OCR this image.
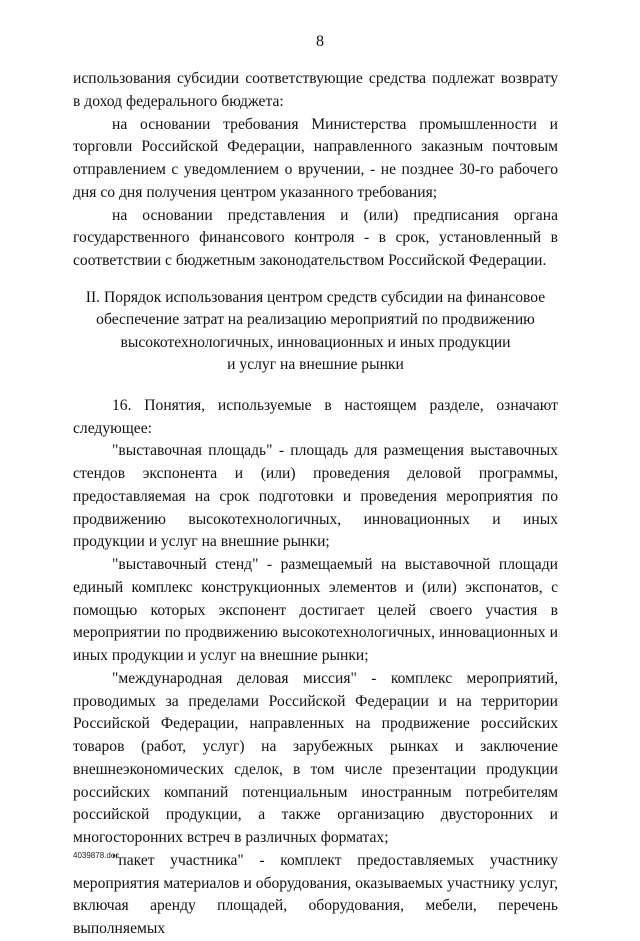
8

использования субсидии соответствующие средства подлежат возврату в доход федерального бюджета:

на основании требования Министерства промышленности и торговли Российской Федерации, направленного заказным почтовым отправлением с уведомлением о вручении, - не позднее 30-го рабочего дня со дня получения центром указанного требования;

на основании представления и (или) предписания органа государственного финансового контроля - в срок, установленный в соответствии с бюджетным законодательством Российской Федерации.

II. Порядок использования центром средств субсидии на финансовое
обеспечение затрат на реализацию мероприятий по продвижению
высокотехнологичных, инновационных и иных продукции
и услуг на внешние рынки

16. Понятия, используемые в настоящем разделе, означают следующее:

"выставочная площадь" - площадь для размещения выставочных стендов экспонента и (или) проведения деловой программы, предоставляемая на срок подготовки и проведения мероприятия по продвижению высокотехнологичных, инновационных и иных продукции и услуг на внешние рынки;

"выставочный стенд" - размещаемый на выставочной площади единый комплекс конструкционных элементов и (или) экспонатов, с помощью которых экспонент достигает целей своего участия в мероприятии по продвижению высокотехнологичных, инновационных и иных продукции и услуг на внешние рынки;

"международная деловая миссия" - комплекс мероприятий, проводимых за пределами Российской Федерации и на территории Российской Федерации, направленных на продвижение российских товаров (работ, услуг) на зарубежных рынках и заключение внешнеэкономических сделок, в том числе презентации продукции российских компаний потенциальным иностранным потребителям российской продукции, а также организацию двусторонних и многосторонних встреч в различных форматах;

"пакет участника" - комплект предоставляемых участнику мероприятия материалов и оборудования, оказываемых участнику услуг, включая аренду площадей, оборудования, мебели, перечень выполняемых

4039878.doc
